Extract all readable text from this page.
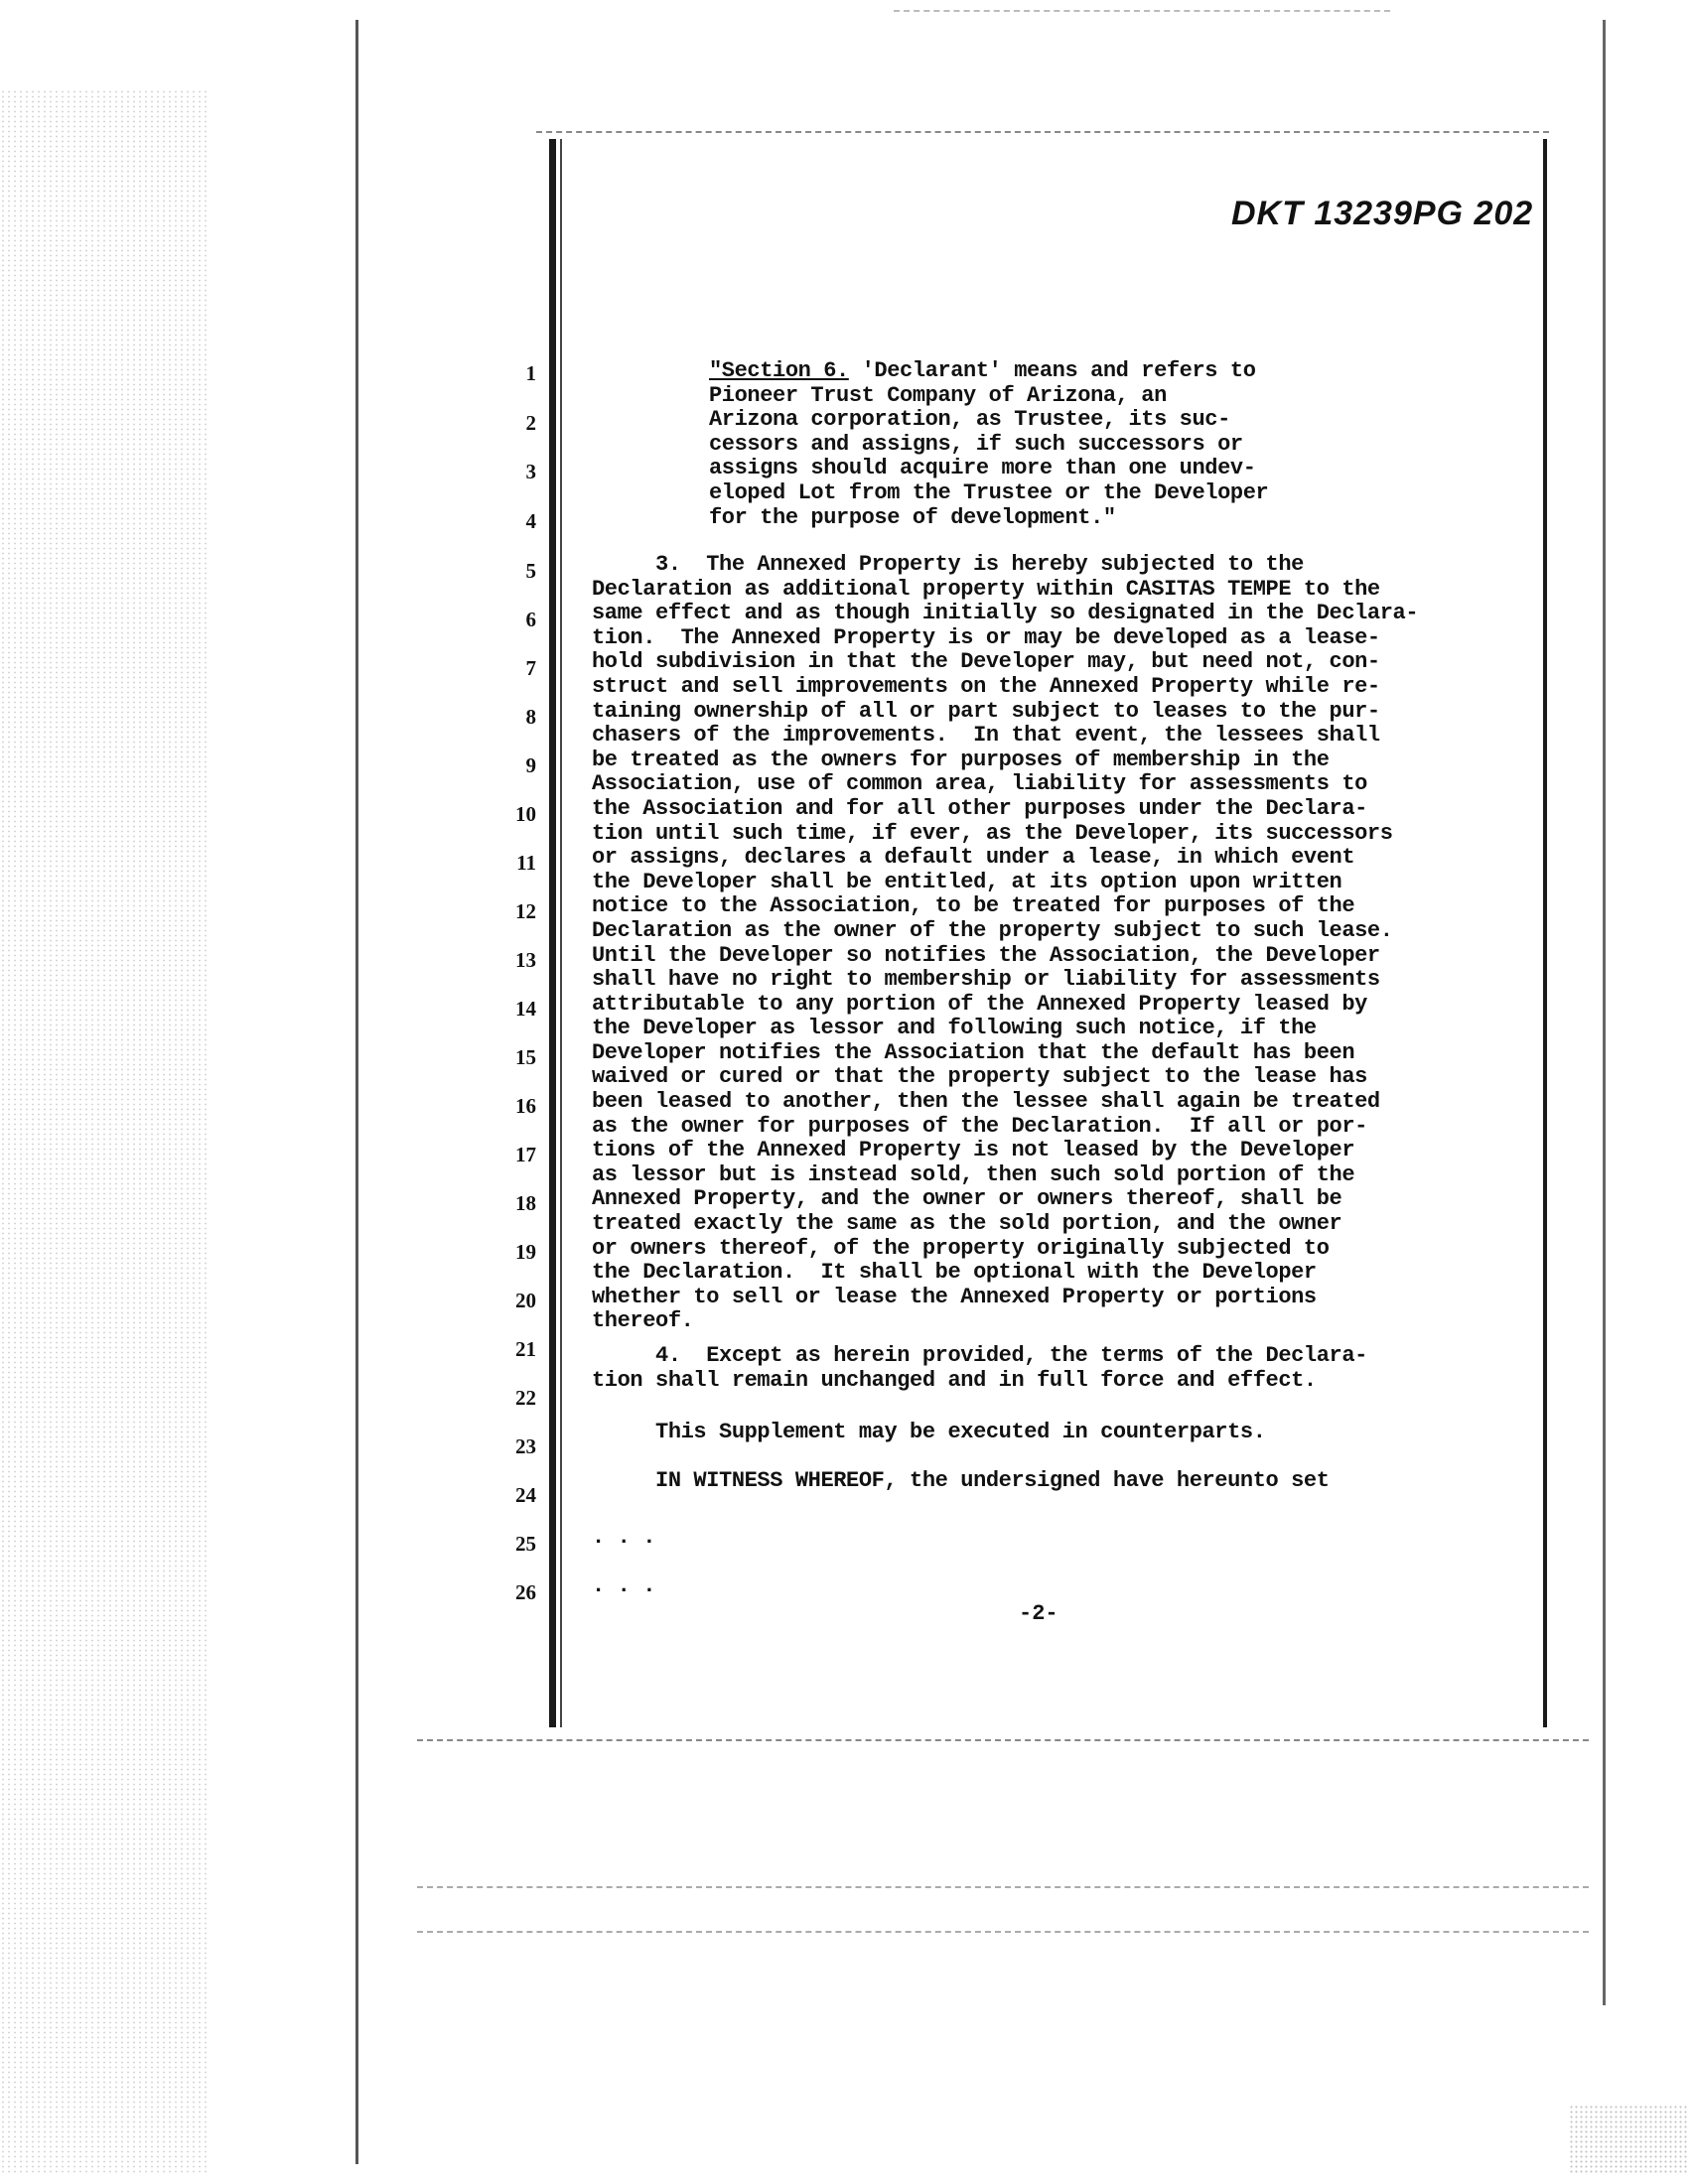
DKT 13239PG 202
1
2
3
4
5
6
7
8
9
10
11
12
13
14
15
16
17
18
19
20
21
22
23
24
25
26

"Section 6. 'Declarant' means and refers to
Pioneer Trust Company of Arizona, an
Arizona corporation, as Trustee, its suc-
cessors and assigns, if such successors or
assigns should acquire more than one undev-
eloped Lot from the Trustee or the Developer
for the purpose of development."

3.  The Annexed Property is hereby subjected to the
Declaration as additional property within CASITAS TEMPE to the
same effect and as though initially so designated in the Declara-
tion.  The Annexed Property is or may be developed as a lease-
hold subdivision in that the Developer may, but need not, con-
struct and sell improvements on the Annexed Property while re-
taining ownership of all or part subject to leases to the pur-
chasers of the improvements.  In that event, the lessees shall
be treated as the owners for purposes of membership in the
Association, use of common area, liability for assessments to
the Association and for all other purposes under the Declara-
tion until such time, if ever, as the Developer, its successors
or assigns, declares a default under a lease, in which event
the Developer shall be entitled, at its option upon written
notice to the Association, to be treated for purposes of the
Declaration as the owner of the property subject to such lease.
Until the Developer so notifies the Association, the Developer
shall have no right to membership or liability for assessments
attributable to any portion of the Annexed Property leased by
the Developer as lessor and following such notice, if the
Developer notifies the Association that the default has been
waived or cured or that the property subject to the lease has
been leased to another, then the lessee shall again be treated
as the owner for purposes of the Declaration.  If all or por-
tions of the Annexed Property is not leased by the Developer
as lessor but is instead sold, then such sold portion of the
Annexed Property, and the owner or owners thereof, shall be
treated exactly the same as the sold portion, and the owner
or owners thereof, of the property originally subjected to
the Declaration.  It shall be optional with the Developer
whether to sell or lease the Annexed Property or portions
thereof.

4.  Except as herein provided, the terms of the Declara-
tion shall remain unchanged and in full force and effect.

This Supplement may be executed in counterparts.

IN WITNESS WHEREOF, the undersigned have hereunto set

. . .

. . .

-2-
